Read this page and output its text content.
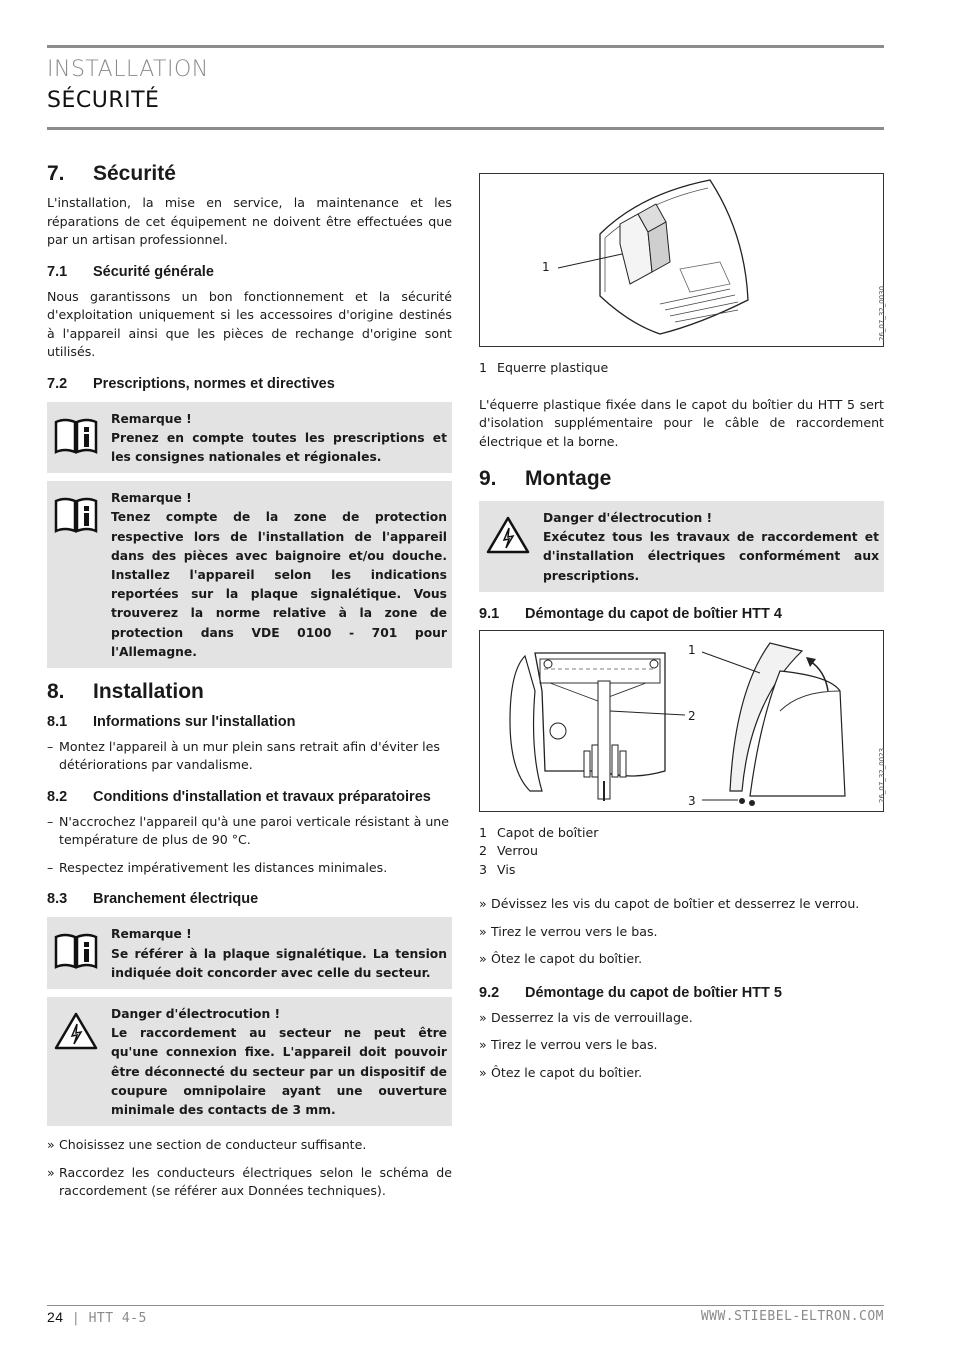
INSTALLATION
SÉCURITÉ
7. Sécurité

L'installation, la mise en service, la maintenance et les réparations de cet équipement ne doivent être effectuées que par un artisan professionnel.

7.1 Sécurité générale

Nous garantissons un bon fonctionnement et la sécurité d'exploitation uniquement si les accessoires d'origine destinés à l'appareil ainsi que les pièces de rechange d'origine sont utilisés.

7.2 Prescriptions, normes et directives
Remarque !
Prenez en compte toutes les prescriptions et les consignes nationales et régionales.
Remarque !
Tenez compte de la zone de protection respective lors de l'installation de l'appareil dans des pièces avec baignoire et/ou douche. Installez l'appareil selon les indications reportées sur la plaque signalétique. Vous trouverez la norme relative à la zone de protection dans VDE 0100 - 701 pour l'Allemagne.
8. Installation
8.1 Informations sur l'installation
– Montez l'appareil à un mur plein sans retrait afin d'éviter les détériorations par vandalisme.
8.2 Conditions d'installation et travaux préparatoires
– N'accrochez l'appareil qu'à une paroi verticale résistant à une température de plus de 90 °C.
– Respectez impérativement les distances minimales.
8.3 Branchement électrique
Remarque !
Se référer à la plaque signalétique. La tension indiquée doit concorder avec celle du secteur.
Danger d'électrocution !
Le raccordement au secteur ne peut être qu'une connexion fixe. L'appareil doit pouvoir être déconnecté du secteur par un dispositif de coupure omnipolaire ayant une ouverture minimale des contacts de 3 mm.
» Choisissez une section de conducteur suffisante.
» Raccordez les conducteurs électriques selon le schéma de raccordement (se référer aux Données techniques).
1
26_07_32_0030

1 Equerre plastique

L'équerre plastique fixée dans le capot du boîtier du HTT 5 sert d'isolation supplémentaire pour le câble de raccordement électrique et la borne.

9. Montage
Danger d'électrocution !
Exécutez tous les travaux de raccordement et d'installation électriques conformément aux prescriptions.
9.1 Démontage du capot de boîtier HTT 4
1
2
3	26_07_32_0023

1 Capot de boîtier

2 Verrou

3 Vis

» Dévissez les vis du capot de boîtier et desserrez le verrou.
» Tirez le verrou vers le bas.
» Ôtez le capot du boîtier.
9.2 Démontage du capot de boîtier HTT 5
» Desserrez la vis de verrouillage.
» Tirez le verrou vers le bas.
» Ôtez le capot du boîtier.
24 | HTT 4-5	WWW.STIEBEL-ELTRON.COM
